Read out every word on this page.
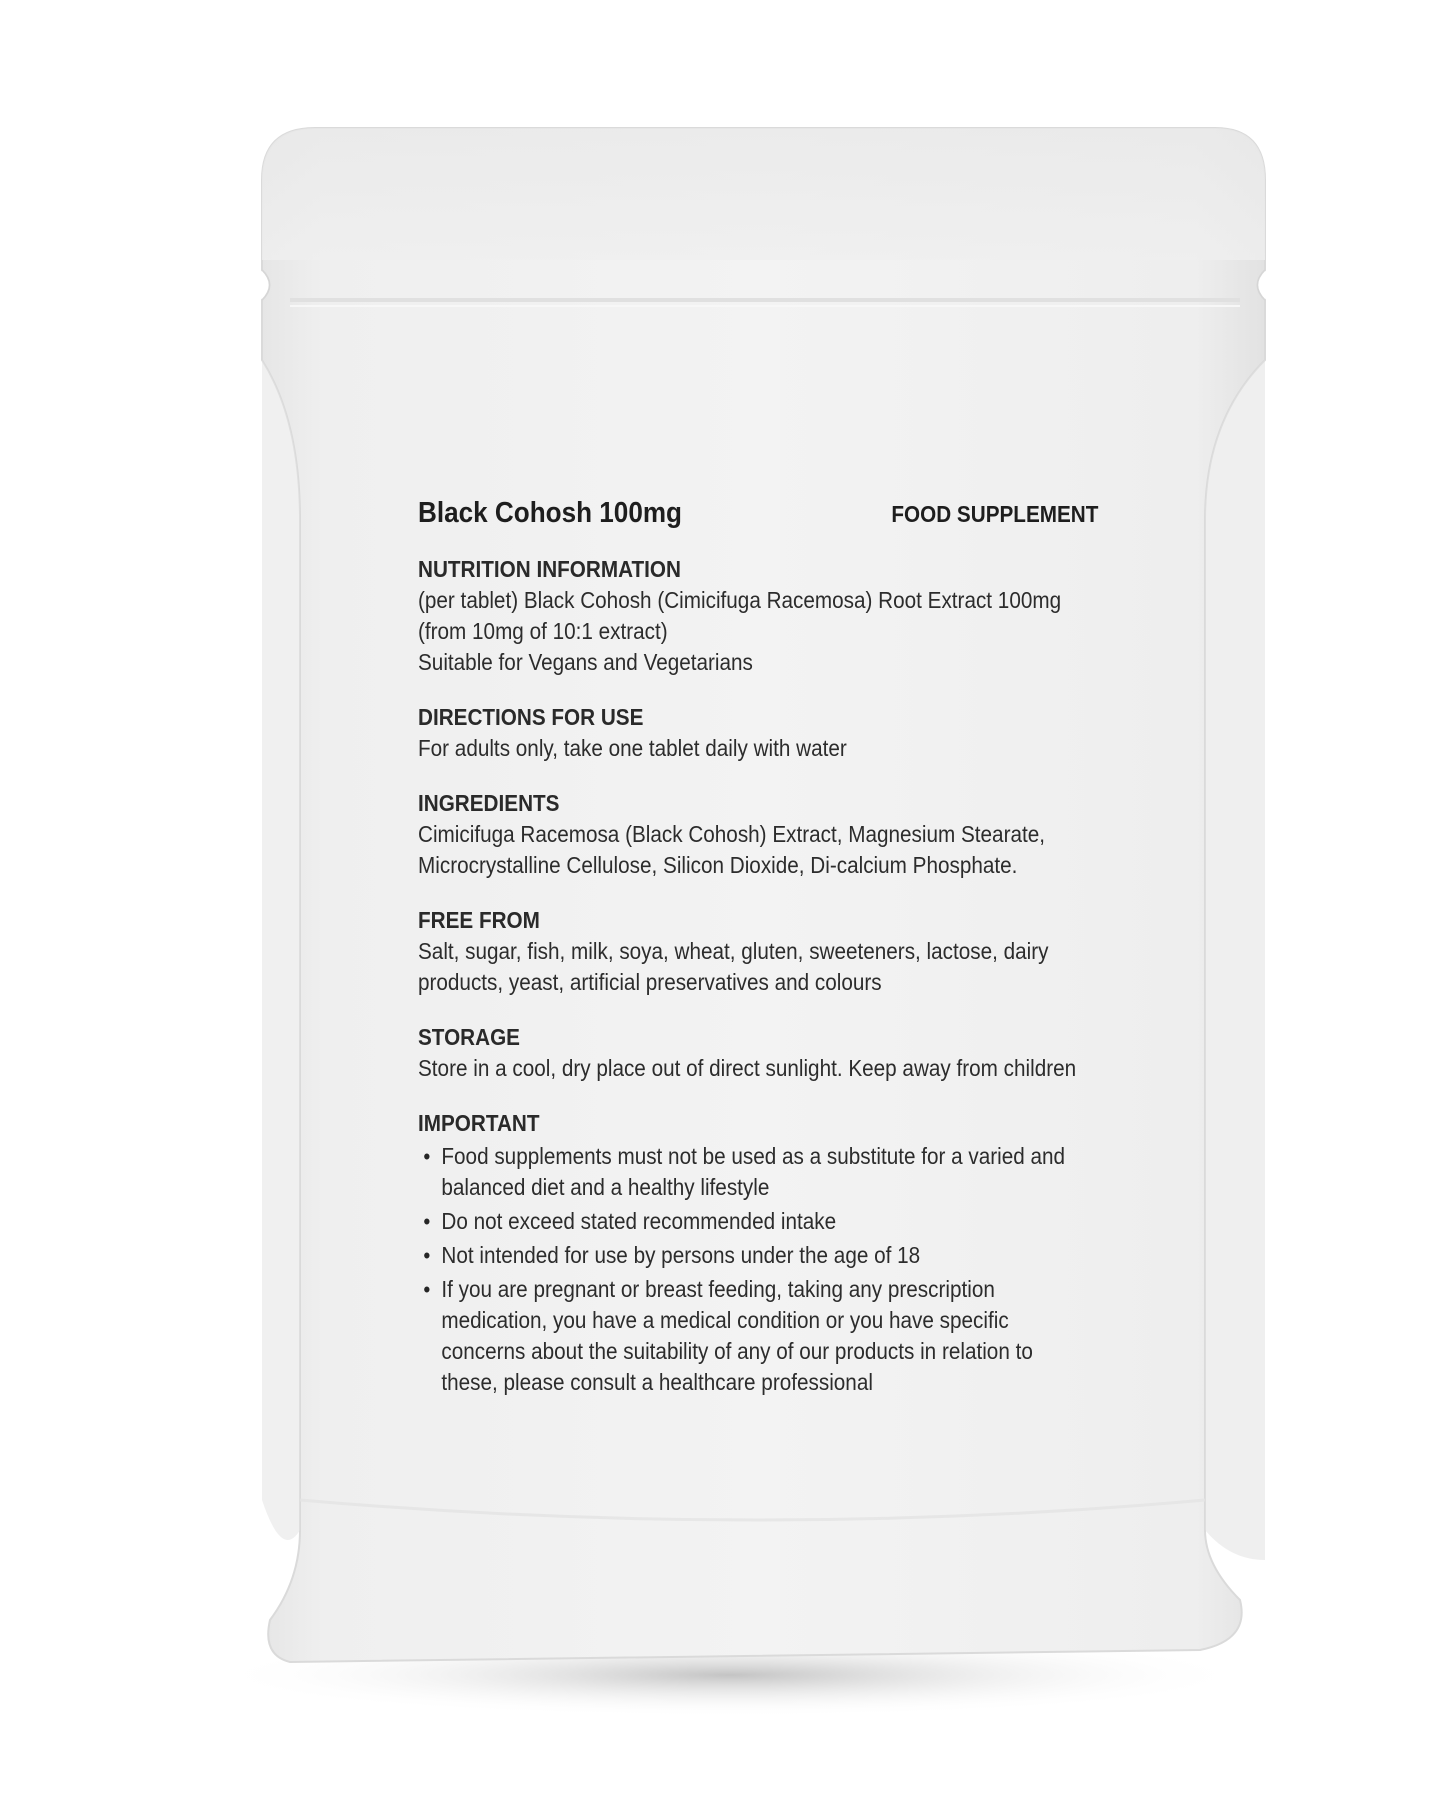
Black Cohosh 100mg	FOOD SUPPLEMENT

NUTRITION INFORMATION

(per tablet) Black Cohosh (Cimicifuga Racemosa) Root Extract 100mg

(from 10mg of 10:1 extract)

Suitable for Vegans and Vegetarians

DIRECTIONS FOR USE

For adults only, take one tablet daily with water

INGREDIENTS

Cimicifuga Racemosa (Black Cohosh) Extract, Magnesium Stearate,

Microcrystalline Cellulose, Silicon Dioxide, Di-calcium Phosphate.

FREE FROM

Salt, sugar, fish, milk, soya, wheat, gluten, sweeteners, lactose, dairy

products, yeast, artificial preservatives and colours

STORAGE

Store in a cool, dry place out of direct sunlight. Keep away from children

IMPORTANT

• Food supplements must not be used as a substitute for a varied and

balanced diet and a healthy lifestyle

• Do not exceed stated recommended intake

• Not intended for use by persons under the age of 18

• If you are pregnant or breast feeding, taking any prescription

medication, you have a medical condition or you have specific

concerns about the suitability of any of our products in relation to

these, please consult a healthcare professional
